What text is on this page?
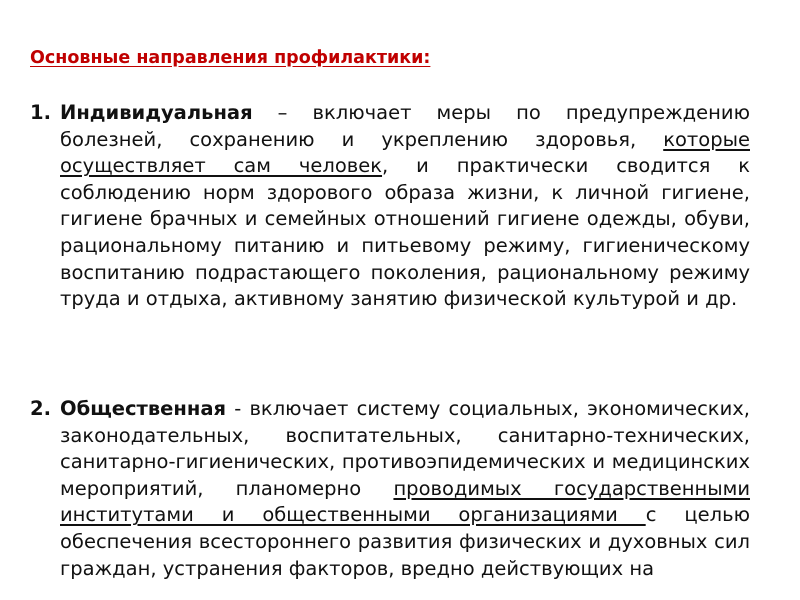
Основные направления профилактики:
1. Индивидуальная – включает меры по предупреждению болезней, сохранению и укреплению здоровья, которые осуществляет сам человек, и практически сводится к соблюдению норм здорового образа жизни, к личной гигиене, гигиене брачных и семейных отношений гигиене одежды, обуви, рациональному питанию и питьевому режиму, гигиеническому воспитанию подрастающего поколения, рациональному режиму труда и отдыха, активному занятию физической культурой и др.

2. Общественная - включает систему социальных, экономических, законодательных, воспитательных, санитарно-технических, санитарно-гигиенических, противоэпидемических и медицинских мероприятий, планомерно проводимых государственными институтами и общественными организациями с целью обеспечения всестороннего развития физических и духовных сил граждан, устранения факторов, вредно действующих на
